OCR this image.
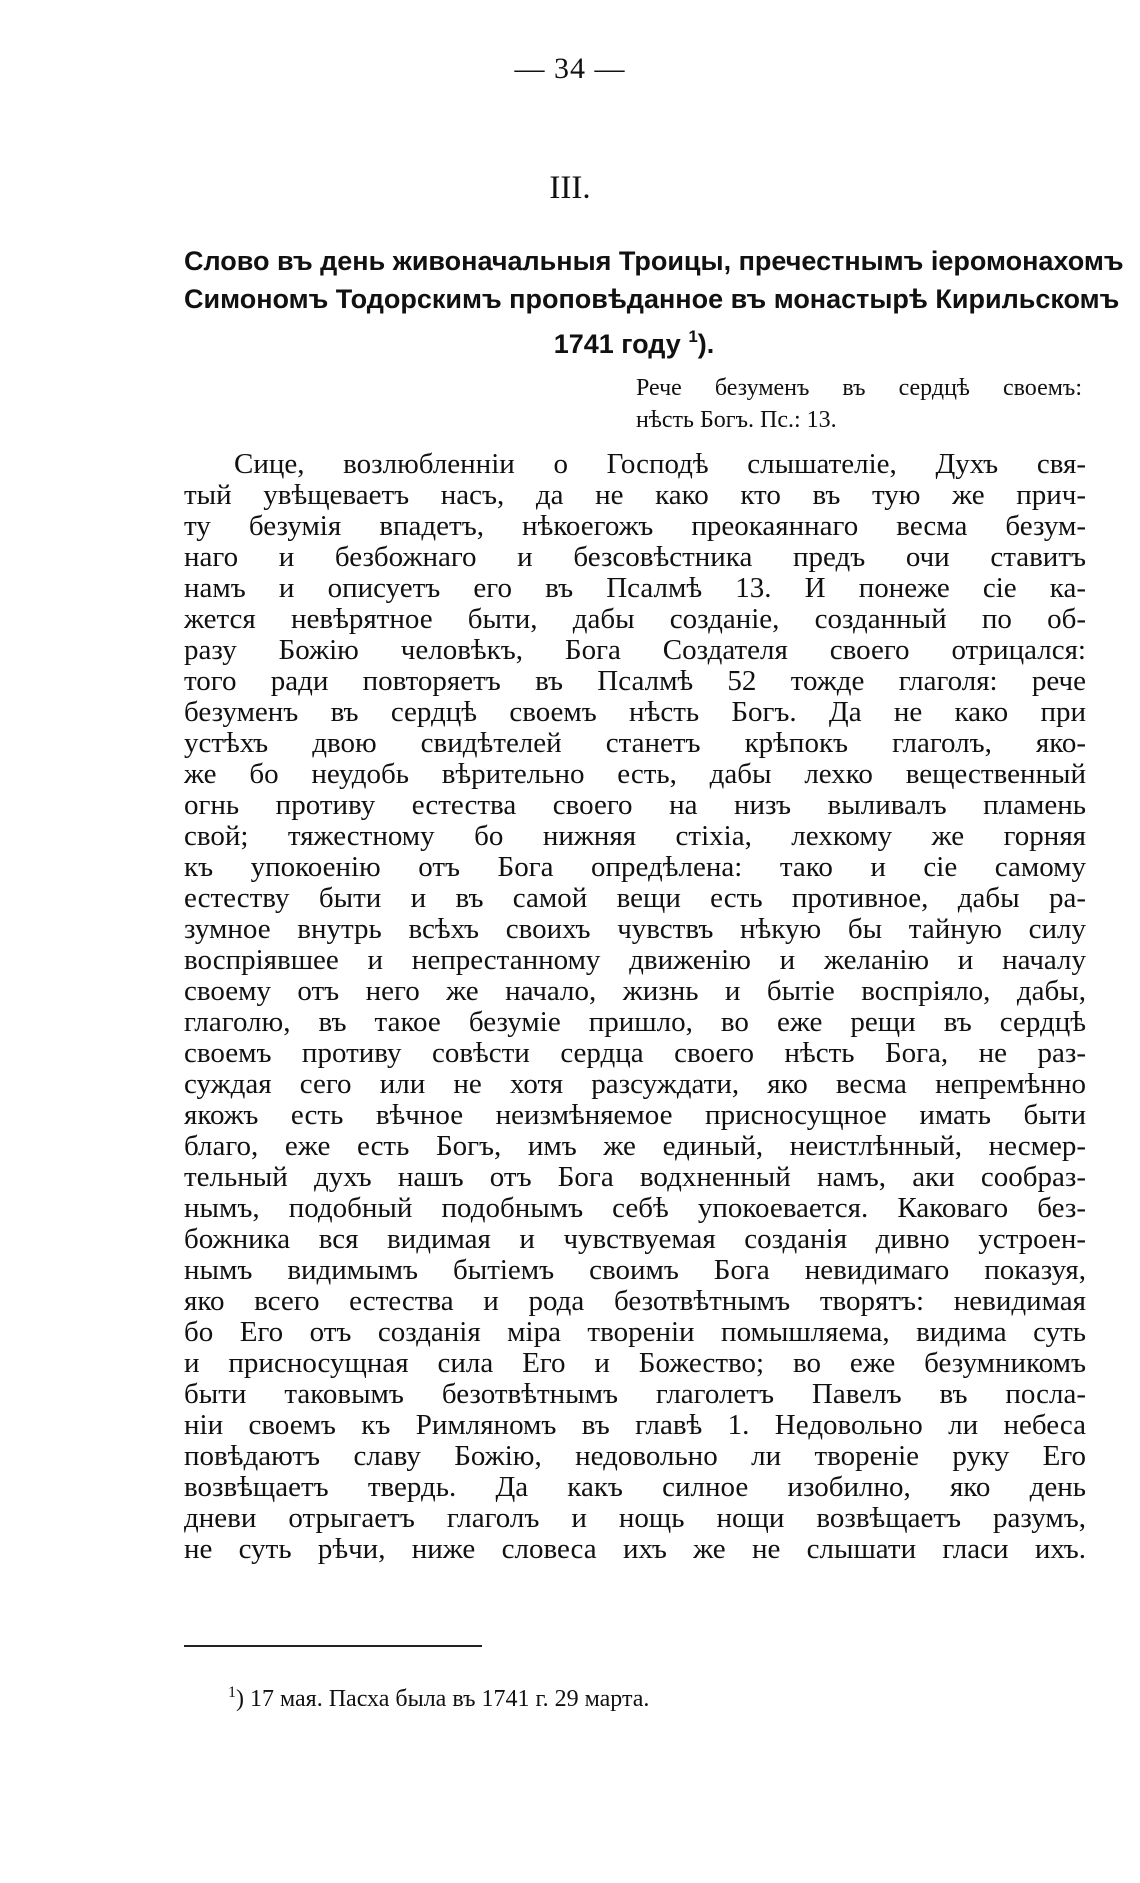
— 34 —
III.
Слово въ день живоначальныя Троицы, пречестнымъ іеромонахомъ
Симономъ Тодорскимъ проповѣданное въ монастырѣ Кирильскомъ
1741 году $^1$).
Рече безуменъ въ сердцѣ своемъ:
нѣсть Богъ. Пс.: 13.
Сице, возлюбленніи о Господѣ слышателіе, Духъ свя-
тый увѣщеваетъ насъ, да не како кто въ тую же прич-
ту безумія впадетъ, нѣкоегожъ преокаяннаго весма безум-
наго и безбожнаго и безсовѣстника предъ очи ставитъ
намъ и описуетъ его въ Псалмѣ 13. И понеже сіе ка-
жется невѣрятное быти, дабы созданіе, созданный по об-
разу Божію человѣкъ, Бога Создателя своего отрицался:
того ради повторяетъ въ Псалмѣ 52 тожде глаголя: рече
безуменъ въ сердцѣ своемъ нѣсть Богъ. Да не како при
устѣхъ двою свидѣтелей станетъ крѣпокъ глаголъ, яко-
же бо неудобь вѣрительно есть, дабы лехко вещественный
огнь противу естества своего на низъ выливалъ пламень
свой; тяжестному бо нижняя стіхіа, лехкому же горняя
къ упокоенію отъ Бога опредѣлена: тако и сіе самому
естеству быти и въ самой вещи есть противное, дабы ра-
зумное внутрь всѣхъ своихъ чувствъ нѣкую бы тайную силу
воспріявшее и непрестанному движенію и желанію и началу
своему отъ него же начало, жизнь и бытіе воспріяло, дабы,
глаголю, въ такое безуміе пришло, во еже рещи въ сердцѣ
своемъ противу совѣсти сердца своего нѣсть Бога, не раз-
суждая сего или не хотя разсуждати, яко весма непремѣнно
якожъ есть вѣчное неизмѣняемое присносущное имать быти
благо, еже есть Богъ, имъ же единый, неистлѣнный, несмер-
тельный духъ нашъ отъ Бога водхненный намъ, аки сообраз-
нымъ, подобный подобнымъ себѣ упокоевается. Каковаго без-
божника вся видимая и чувствуемая созданія дивно устроен-
нымъ видимымъ бытіемъ своимъ Бога невидимаго показуя,
яко всего естества и рода безотвѣтнымъ творятъ: невидимая
бо Его отъ созданія міра твореніи помышляема, видима суть
и присносущная сила Его и Божество; во еже безумникомъ
быти таковымъ безотвѣтнымъ глаголетъ Павелъ въ посла-
ніи своемъ къ Римляномъ въ главѣ 1. Недовольно ли небеса
повѣдаютъ славу Божію, недовольно ли твореніе руку Его
возвѣщаетъ твердь. Да какъ силное изобилно, яко день
дневи отрыгаетъ глаголъ и нощь нощи возвѣщаетъ разумъ,
не суть рѣчи, ниже словеса ихъ же не слышати гласи ихъ.
$^1$) 17 мая. Пасха была въ 1741 г. 29 марта.
